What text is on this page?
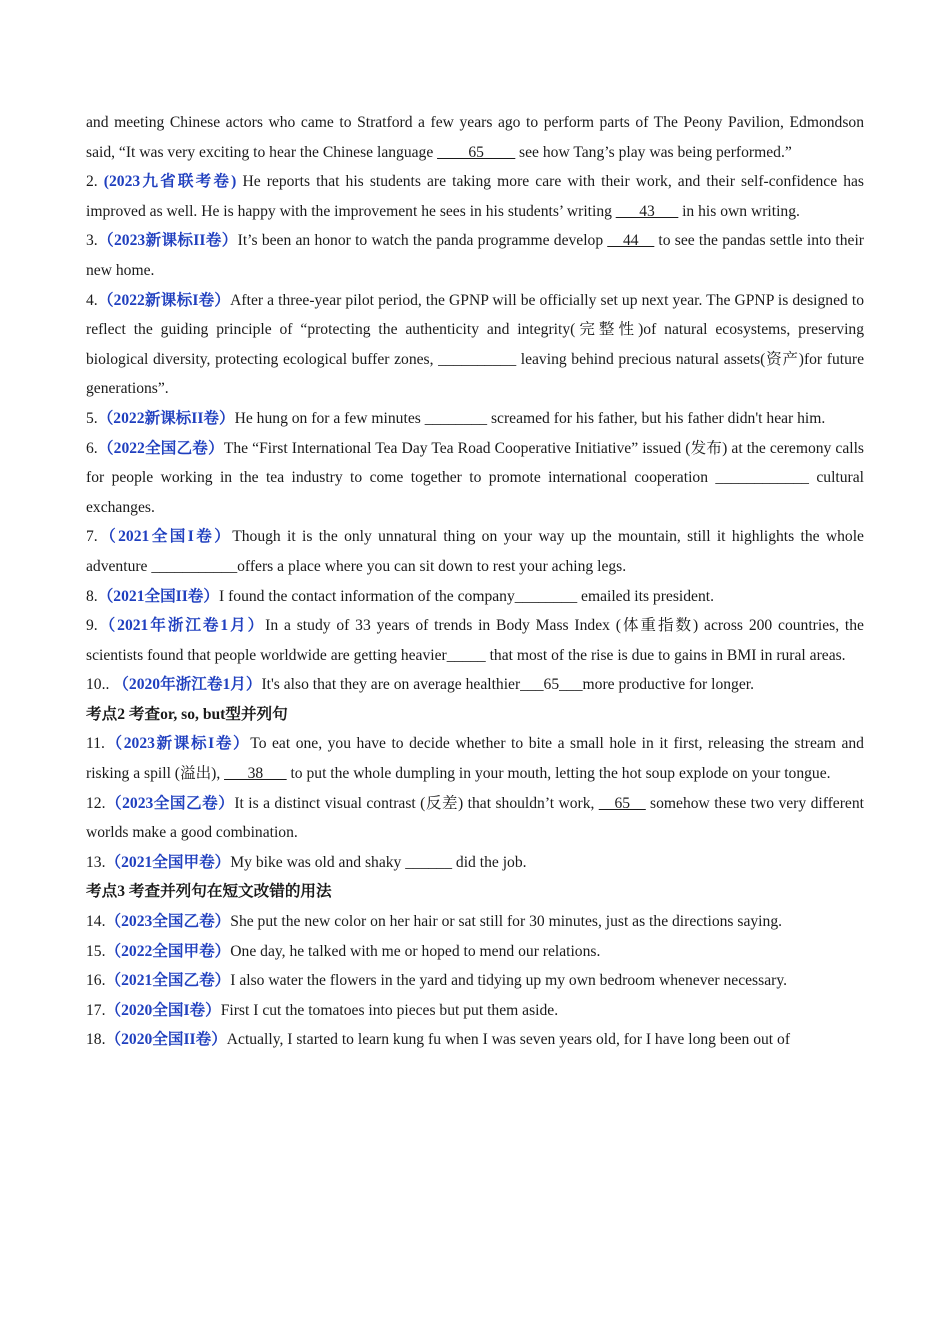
and meeting Chinese actors who came to Stratford a few years ago to perform parts of The Peony Pavilion, Edmondson said, “It was very exciting to hear the Chinese language ____65____ see how Tang’s play was being performed.”

2. (2023九省联考卷) He reports that his students are taking more care with their work, and their self-confidence has improved as well. He is happy with the improvement he sees in his students’ writing ___43___ in his own writing.

3.（2023新课标II卷）It’s been an honor to watch the panda programme develop __44__ to see the pandas settle into their new home.

4.（2022新课标I卷）After a three-year pilot period, the GPNP will be officially set up next year. The GPNP is designed to reflect the guiding principle of “protecting the authenticity and integrity(完整性)of natural ecosystems, preserving biological diversity, protecting ecological buffer zones, __________ leaving behind precious natural assets(资产)for future generations”.

5.（2022新课标II卷）He hung on for a few minutes ________ screamed for his father, but his father didn't hear him.

6.（2022全国乙卷）The “First International Tea Day Tea Road Cooperative Initiative” issued (发布) at the ceremony calls for people working in the tea industry to come together to promote international cooperation ____________ cultural exchanges.

7.（2021全国I卷）Though it is the only unnatural thing on your way up the mountain, still it highlights the whole adventure ___________offers a place where you can sit down to rest your aching legs.

8.（2021全国II卷）I found the contact information of the company________ emailed its president.

9.（2021年浙江卷1月）In a study of 33 years of trends in Body Mass Index (体重指数) across 200 countries, the scientists found that people worldwide are getting heavier_____ that most of the rise is due to gains in BMI in rural areas.

10.. （2020年浙江卷1月）It's also that they are on average healthier___65___more productive for longer.

考点2 考查or, so, but型并列句

11.（2023新课标I卷）To eat one, you have to decide whether to bite a small hole in it first, releasing the stream and risking a spill (溢出), ___38___ to put the whole dumpling in your mouth, letting the hot soup explode on your tongue.

12.（2023全国乙卷）It is a distinct visual contrast (反差) that shouldn’t work, __65__ somehow these two very different worlds make a good combination.

13.（2021全国甲卷）My bike was old and shaky ______ did the job.

考点3 考查并列句在短文改错的用法

14.（2023全国乙卷）She put the new color on her hair or sat still for 30 minutes, just as the directions saying.

15.（2022全国甲卷）One day, he talked with me or hoped to mend our relations.

16.（2021全国乙卷）I also water the flowers in the yard and tidying up my own bedroom whenever necessary.

17.（2020全国I卷）First I cut the tomatoes into pieces but put them aside.

18.（2020全国II卷）Actually, I started to learn kung fu when I was seven years old, for I have long been out of
